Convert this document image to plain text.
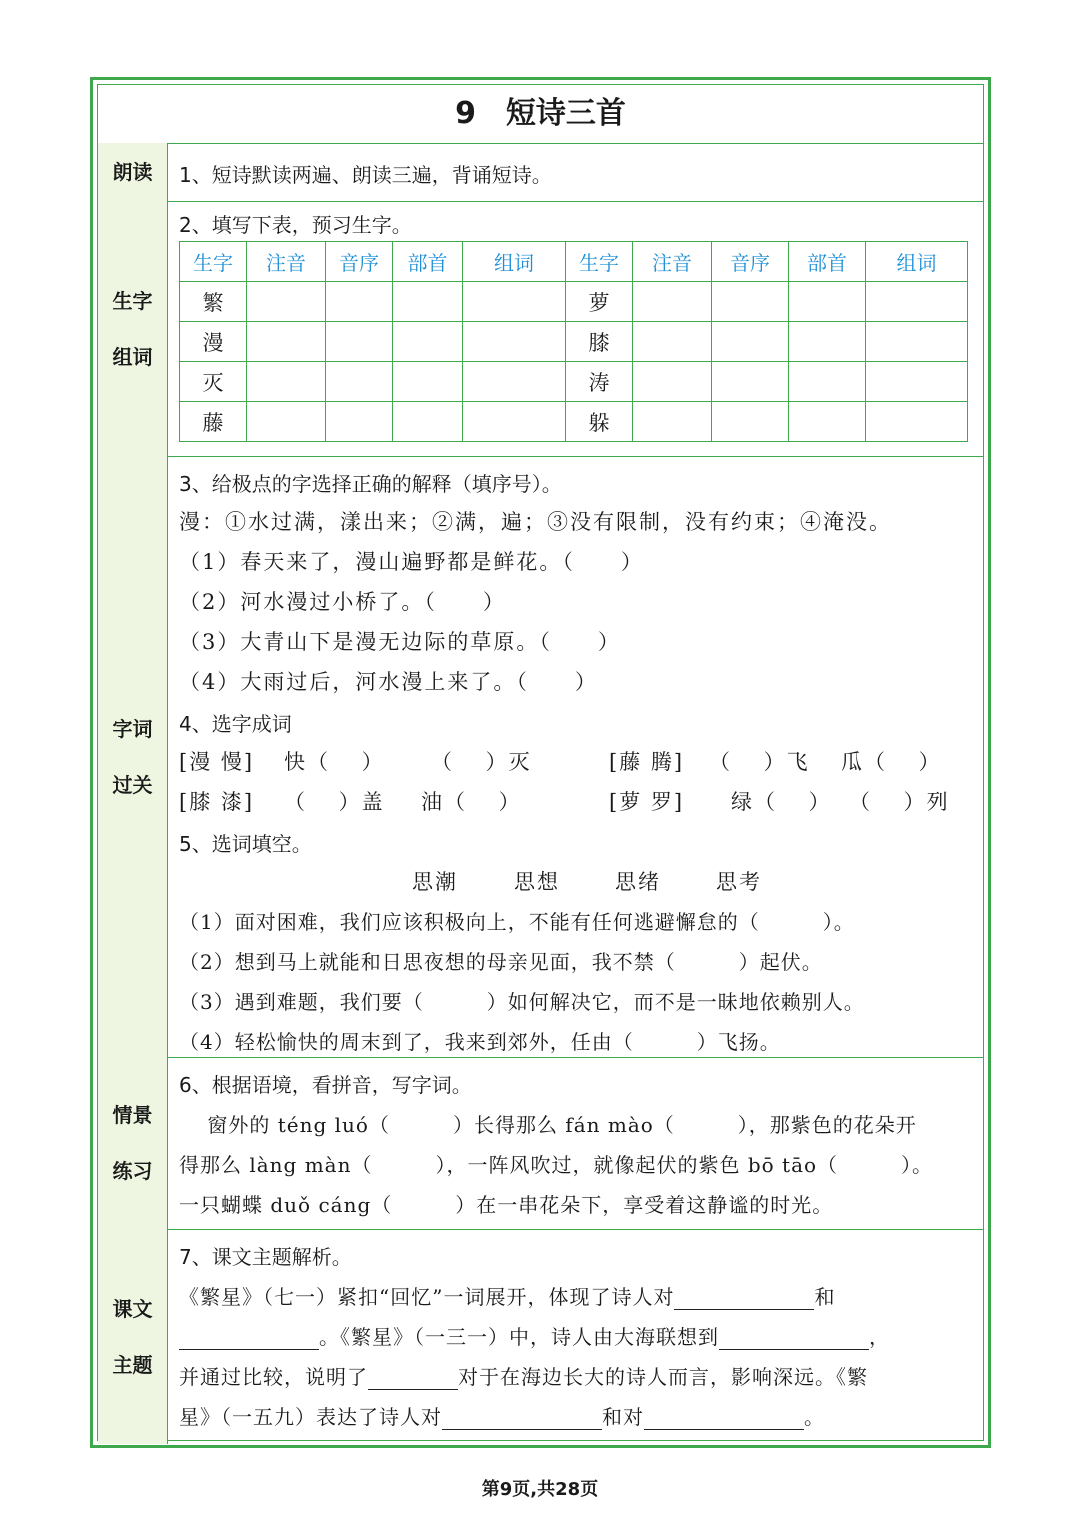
9　短诗三首
朗读 1、短诗默读两遍、朗读三遍，背诵短诗。
生字
组词
2、填写下表，预习生字。
生字	注音	音序	部首	组词	生字	注音	音序	部首	组词
繁					萝				
漫					膝				
灭					涛				
藤					躲				
字词
过关
3、给极点的字选择正确的解释（填序号）。
漫：①水过满，漾出来；②满，遍；③没有限制，没有约束；④淹没。
（1）春天来了，漫山遍野都是鲜花。（　　）
（2）河水漫过小桥了。（　　）
（3）大青山下是漫无边际的草原。（　　）
（4）大雨过后，河水漫上来了。（　　）
4、选字成词
[漫 慢] 快（　 ） （　 ）灭	[藤 腾] （　 ）飞 瓜（　 ）
[膝 漆] （　 ）盖 油（　 ）	[萝 罗] 绿（　 ） （　 ）列
5、选词填空。
思潮	思想	思绪	思考
（1）面对困难，我们应该积极向上，不能有任何逃避懈怠的（　　　）。
（2）想到马上就能和日思夜想的母亲见面，我不禁（　　　）起伏。
（3）遇到难题，我们要（　　　）如何解决它，而不是一昧地依赖别人。
（4）轻松愉快的周末到了，我来到郊外，任由（　　　）飞扬。
情景
练习
6、根据语境，看拼音，写字词。
　 窗外的 téng luó（　　　）长得那么 fán mào（　　　），那紫色的花朵开
得那么 làng màn（　　　），一阵风吹过，就像起伏的紫色 bō tāo（　　　）。
一只蝴蝶 duǒ cáng（　　　）在一串花朵下，享受着这静谧的时光。
课文
主题
7、课文主题解析。
《繁星》（七一）紧扣“回忆”一词展开，体现了诗人对	和
。《繁星》（一三一）中，诗人由大海联想到	，
并通过比较，说明了	对于在海边长大的诗人而言，影响深远。《繁
星》（一五九）表达了诗人对	和对	。
第9页,共28页
